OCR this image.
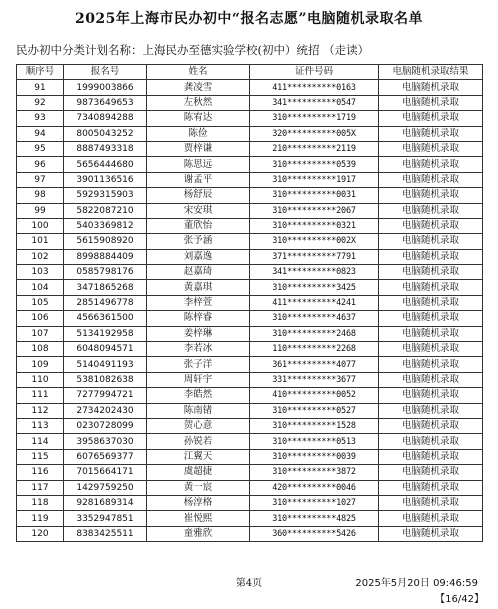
2025年上海市民办初中“报名志愿”电脑随机录取名单
民办初中分类计划名称：上海民办至德实验学校(初中）统招 （走读）
顺序号	报名号	姓名	证件号码	电脑随机录取结果
91	1999003866	龚凌雪	411**********0163	电脑随机录取
92	9873649653	左秋然	341**********0547	电脑随机录取
93	7340894288	陈宥达	310**********1719	电脑随机录取
94	8005043252	陈俭	320**********005X	电脑随机录取
95	8887493318	贾梓谦	210**********2119	电脑随机录取
96	5656444680	陈思远	310**********0539	电脑随机录取
97	3901136516	谢孟平	310**********1917	电脑随机录取
98	5929315903	杨舒辰	310**********0031	电脑随机录取
99	5822087210	宋安琪	310**********2067	电脑随机录取
100	5403369812	董欣怡	310**********0321	电脑随机录取
101	5615908920	张予涵	310**********002X	电脑随机录取
102	8998884409	刘嘉逸	371**********7791	电脑随机录取
103	0585798176	赵嘉琦	341**********0823	电脑随机录取
104	3471865268	黄嘉琪	310**********3425	电脑随机录取
105	2851496778	李梓萱	411**********4241	电脑随机录取
106	4566361500	陈梓睿	310**********4637	电脑随机录取
107	5134192958	姜梓琳	310**********2468	电脑随机录取
108	6048094571	李若冰	110**********2268	电脑随机录取
109	5140491193	张子洋	361**********4077	电脑随机录取
110	5381082638	周轩宇	331**********3677	电脑随机录取
111	7277994721	李皓然	410**********0052	电脑随机录取
112	2734202430	陈南锗	310**********0527	电脑随机录取
113	0230728099	贺心意	310**********1528	电脑随机录取
114	3958637030	孙锐若	310**********0513	电脑随机录取
115	6076569377	江翼天	310**********0039	电脑随机录取
116	7015664171	虞超捷	310**********3872	电脑随机录取
117	1429759250	黄一宸	420**********0046	电脑随机录取
118	9281689314	杨淳格	310**********1027	电脑随机录取
119	3352947851	崔悦熙	310**********4825	电脑随机录取
120	8383425511	童雅欣	360**********5426	电脑随机录取
第4页	2025年5月20日 09:46:59
【16/42】
